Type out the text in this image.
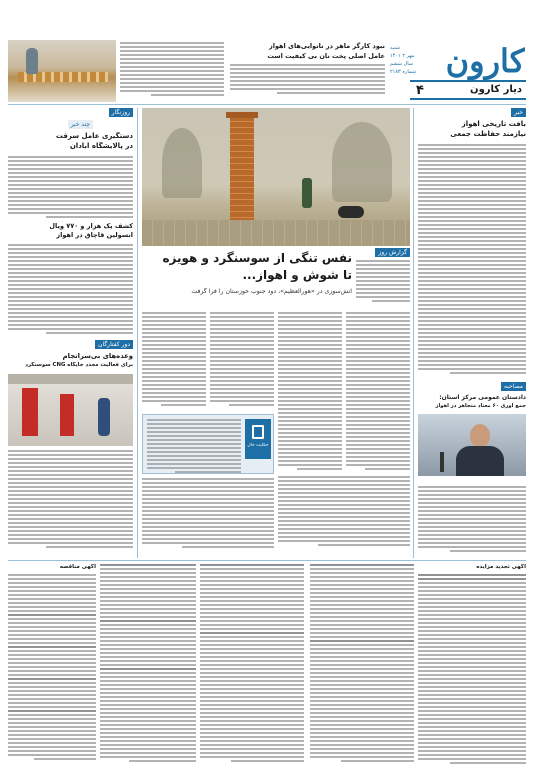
شنبه
۱۴۰۱ مهر ۲
سال ششم
شماره ۲۱۸۳ کارون
۴	دیار کارون
نبود کارگر ماهر در نانوایی‌های اهواز
عامل اصلی پخت نان بی کیفیت است
خبر
بافت تاریخی اهواز
نیازمند حفاظت جمعی
مصاحبه
دادستان عمومی مرکز استان:
جمع آوری ۶۰ معتاد متجاهر در اهواز
گزارش روز
نفس تنگی از سوسنگرد و هویزه
تا شوش و اهواز...
آتش‌سوزی در «هورالعظیم»، دود جنوب خوزستان را فرا گرفت
حکایت حال
روزنگار
چند خبر
دستگیری عامل سرقت
در پالایشگاه آبادان
کشف یک هزار و ۷۷۰ ویال
انسولین قاچاق در اهواز
دور کفتارگان
وعده‌های بی‌سرانجام
برای فعالیت مجدد جایگاه CNG سوسنگرد
آگهی تجدید مزایده
آگهی مناقصه
